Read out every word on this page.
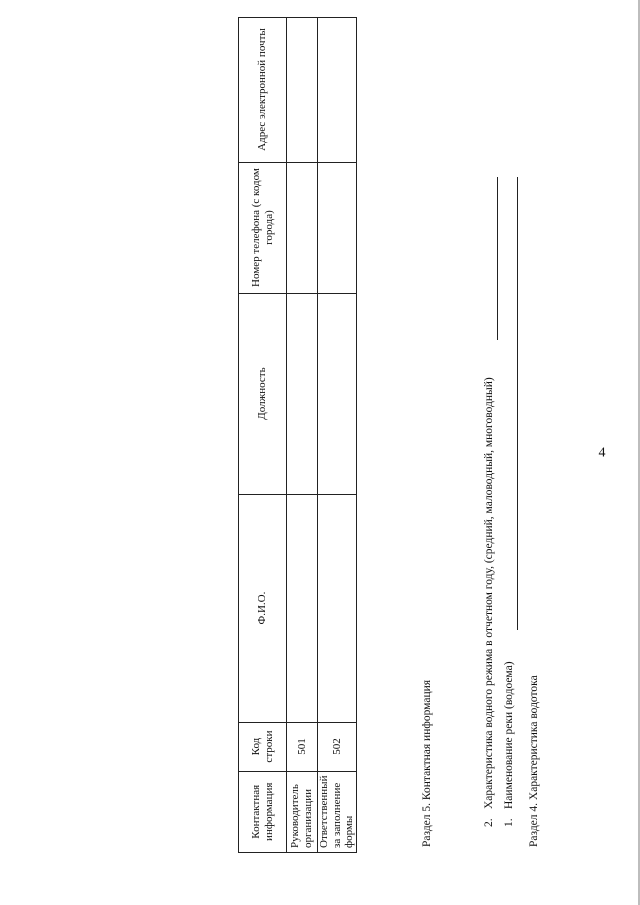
4
Раздел 4. Характеристика водотока
1.Наименование реки (водоема)
2.Характеристика водного режима в отчетном году, (средний, маловодный, многоводный)
Раздел 5. Контактная информация
Контактная информация	Код строки	Ф.И.О.	Должность	Номер телефона (с кодом города)	Адрес электронной почты
Руководитель организации	501				
Ответственный за заполнение формы	502				
